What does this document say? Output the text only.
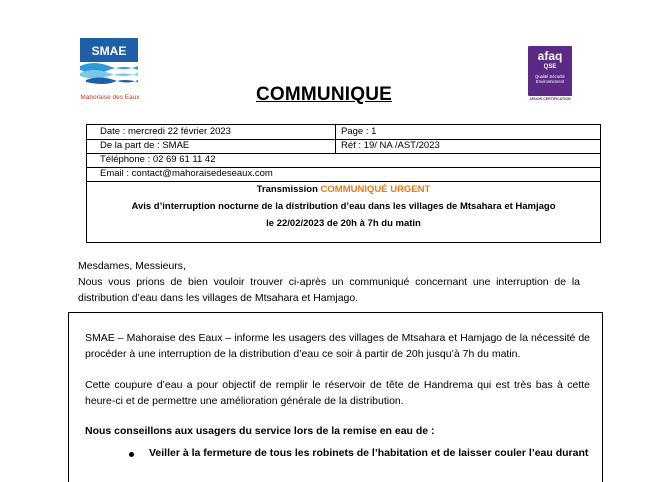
SMAE
Mahoraise des Eaux
afaq
QSE
Qualité Sécurité
Environnement
AFNOR CERTIFICATION
COMMUNIQUE
Date : mercredi 22 février 2023	Page : 1
De la part de : SMAE	Réf : 19/ NA /AST/2023
Téléphone : 02 69 61 11 42
Email : contact@mahoraisedeseaux.com
Transmission COMMUNIQUÉ URGENT
Avis d’interruption nocturne de la distribution d’eau dans les villages de Mtsahara et Hamjago
le 22/02/2023 de 20h à 7h du matin
Mesdames, Messieurs,
Nous vous prions de bien vouloir trouver ci-après un communiqué concernant une interruption de la distribution d’eau dans les villages de Mtsahara et Hamjago.
SMAE – Mahoraise des Eaux – informe les usagers des villages de Mtsahara et Hamjago de la nécessité de procéder à une interruption de la distribution d’eau ce soir à partir de 20h jusqu’à 7h du matin.
Cette coupure d’eau a pour objectif de remplir le réservoir de tête de Handrema qui est très bas à cette heure-ci et de permettre une amélioration générale de la distribution.
Nous conseillons aux usagers du service lors de la remise en eau de :
Veiller à la fermeture de tous les robinets de l’habitation et de laisser couler l’eau durant
